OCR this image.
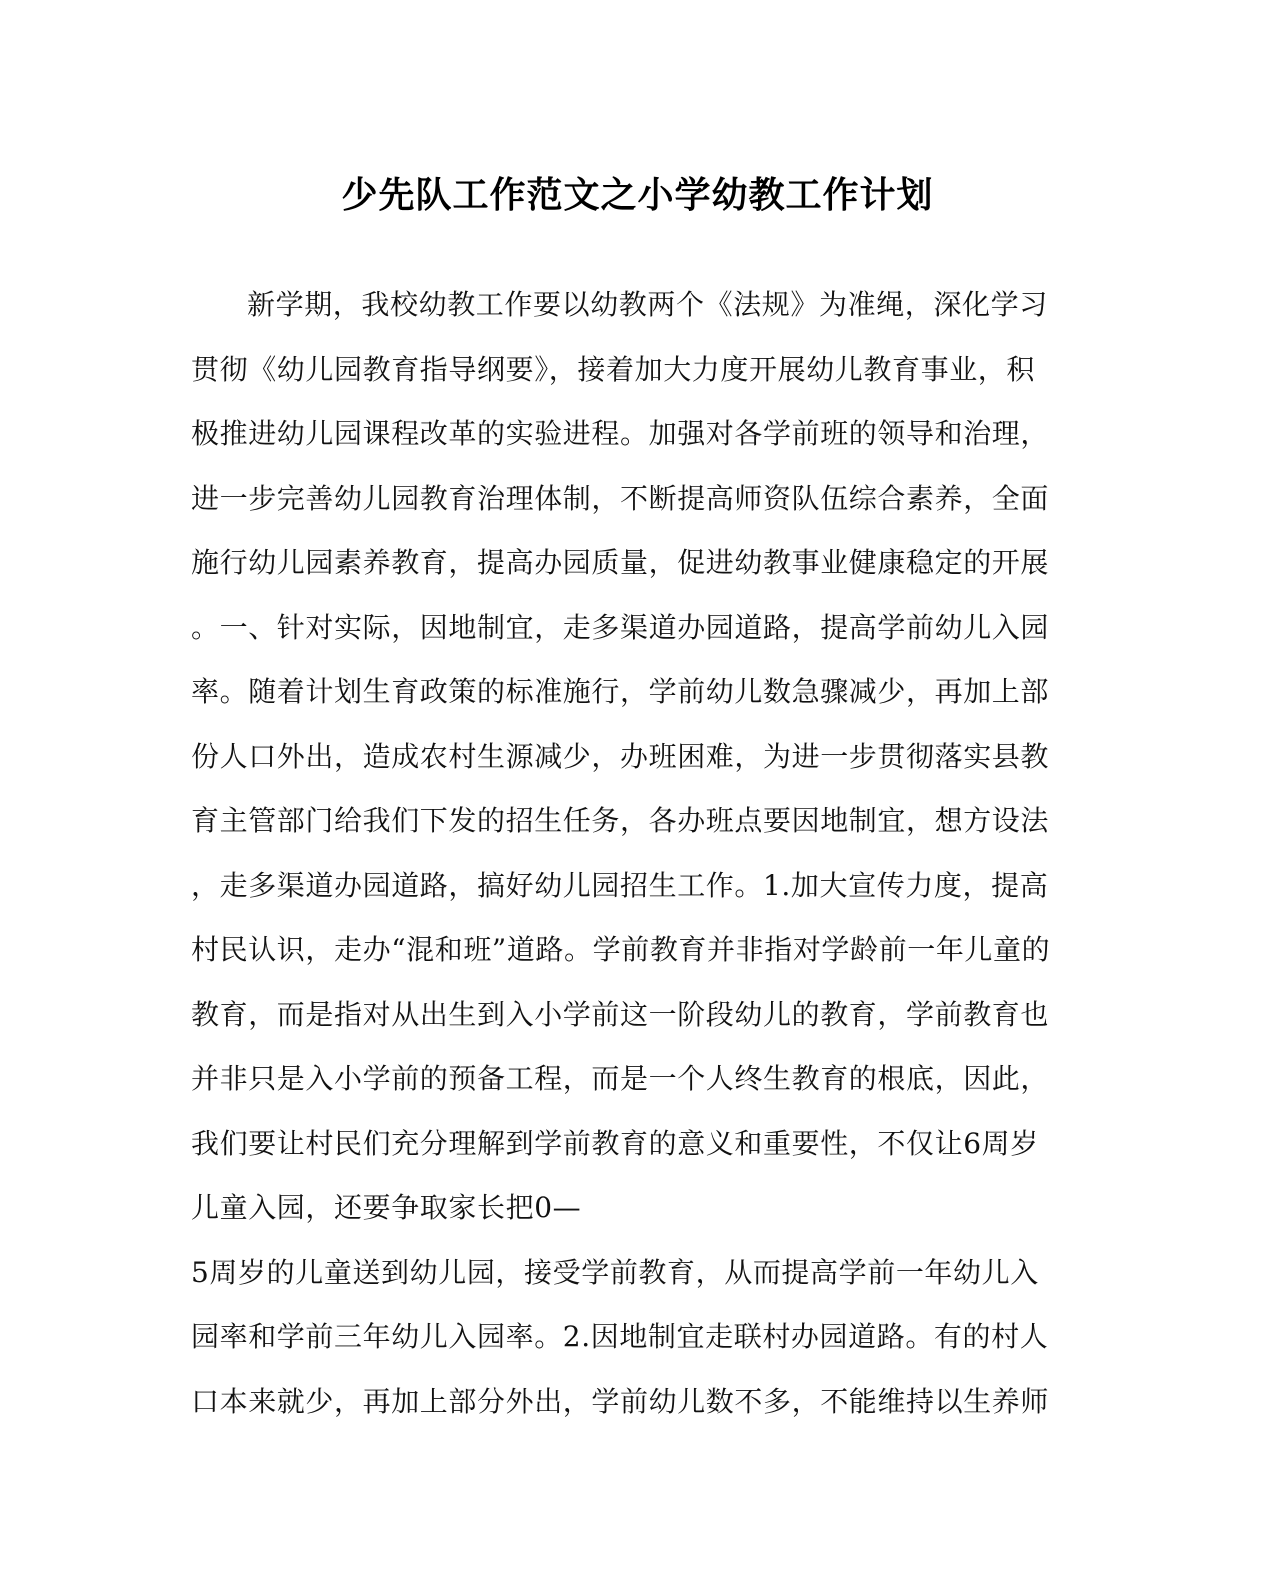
少先队工作范文之小学幼教工作计划
新学期，我校幼教工作要以幼教两个《法规》为准绳，深化学习
贯彻《幼儿园教育指导纲要》，接着加大力度开展幼儿教育事业，积
极推进幼儿园课程改革的实验进程。加强对各学前班的领导和治理，
进一步完善幼儿园教育治理体制，不断提高师资队伍综合素养，全面
施行幼儿园素养教育，提高办园质量，促进幼教事业健康稳定的开展
。一、针对实际，因地制宜，走多渠道办园道路，提高学前幼儿入园
率。随着计划生育政策的标准施行，学前幼儿数急骤减少，再加上部
份人口外出，造成农村生源减少，办班困难，为进一步贯彻落实县教
育主管部门给我们下发的招生任务，各办班点要因地制宜，想方设法
，走多渠道办园道路，搞好幼儿园招生工作。1.加大宣传力度，提高
村民认识，走办“混和班”道路。学前教育并非指对学龄前一年儿童的
教育，而是指对从出生到入小学前这一阶段幼儿的教育，学前教育也
并非只是入小学前的预备工程，而是一个人终生教育的根底，因此，
我们要让村民们充分理解到学前教育的意义和重要性，不仅让6周岁
儿童入园，还要争取家长把0—
5周岁的儿童送到幼儿园，接受学前教育，从而提高学前一年幼儿入
园率和学前三年幼儿入园率。2.因地制宜走联村办园道路。有的村人
口本来就少，再加上部分外出，学前幼儿数不多，不能维持以生养师
